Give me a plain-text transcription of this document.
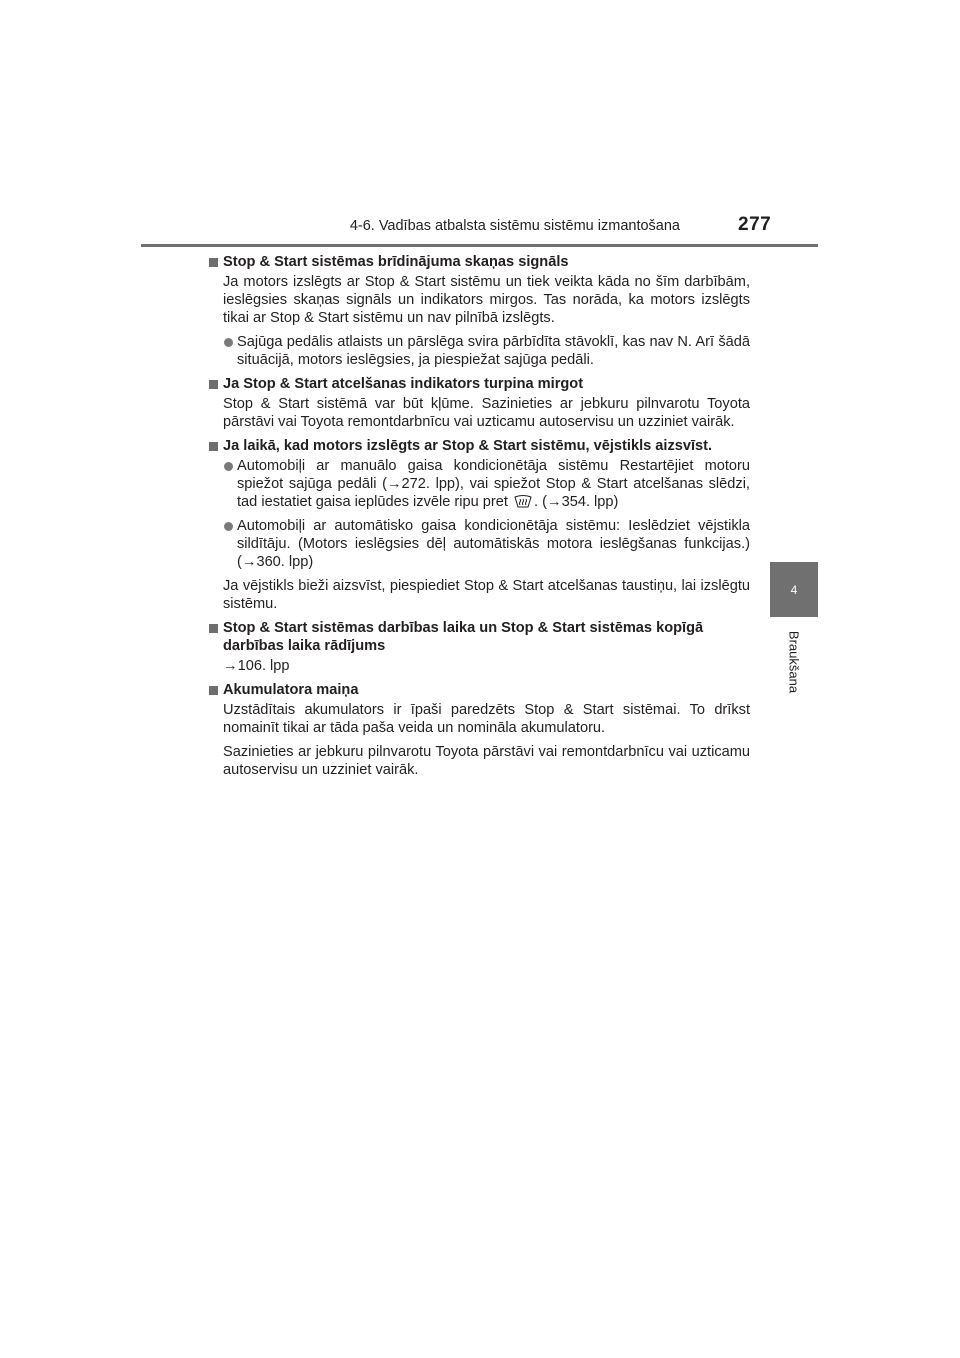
4-6. Vadības atbalsta sistēmu sistēmu izmantošana	277
4
Braukšana
Stop & Start sistēmas brīdinājuma skaņas signāls

Ja motors izslēgts ar Stop & Start sistēmu un tiek veikta kāda no šīm darbībām, ieslēgsies skaņas signāls un indikators mirgos. Tas norāda, ka motors izslēgts tikai ar Stop & Start sistēmu un nav pilnībā izslēgts.

Sajūga pedālis atlaists un pārslēga svira pārbīdīta stāvoklī, kas nav N. Arī šādā situācijā, motors ieslēgsies, ja piespiežat sajūga pedāli.
Ja Stop & Start atcelšanas indikators turpina mirgot

Stop & Start sistēmā var būt kļūme. Sazinieties ar jebkuru pilnvarotu Toyota pārstāvi vai Toyota remontdarbnīcu vai uzticamu autoservisu un uzziniet vairāk.

Ja laikā, kad motors izslēgts ar Stop & Start sistēmu, vējstikls aizsvīst.
Automobiļi ar manuālo gaisa kondicionētāja sistēmu Restartējiet motoru spiežot sajūga pedāli (→272. lpp), vai spiežot Stop & Start atcelšanas slēdzi, tad iestatiet gaisa ieplūdes izvēle ripu pret . (→354. lpp)
Automobiļi ar automātisko gaisa kondicionētāja sistēmu: Ieslēdziet vējstikla sildītāju. (Motors ieslēgsies dēļ automātiskās motora ieslēgšanas funkcijas.) (→360. lpp)

Ja vējstikls bieži aizsvīst, piespiediet Stop & Start atcelšanas taustiņu, lai izslēgtu sistēmu.

Stop & Start sistēmas darbības laika un Stop & Start sistēmas kopīgā darbības laika rādījums

→106. lpp

Akumulatora maiņa

Uzstādītais akumulators ir īpaši paredzēts Stop & Start sistēmai. To drīkst nomainīt tikai ar tāda paša veida un nomināla akumulatoru.

Sazinieties ar jebkuru pilnvarotu Toyota pārstāvi vai remontdarbnīcu vai uzticamu autoservisu un uzziniet vairāk.
